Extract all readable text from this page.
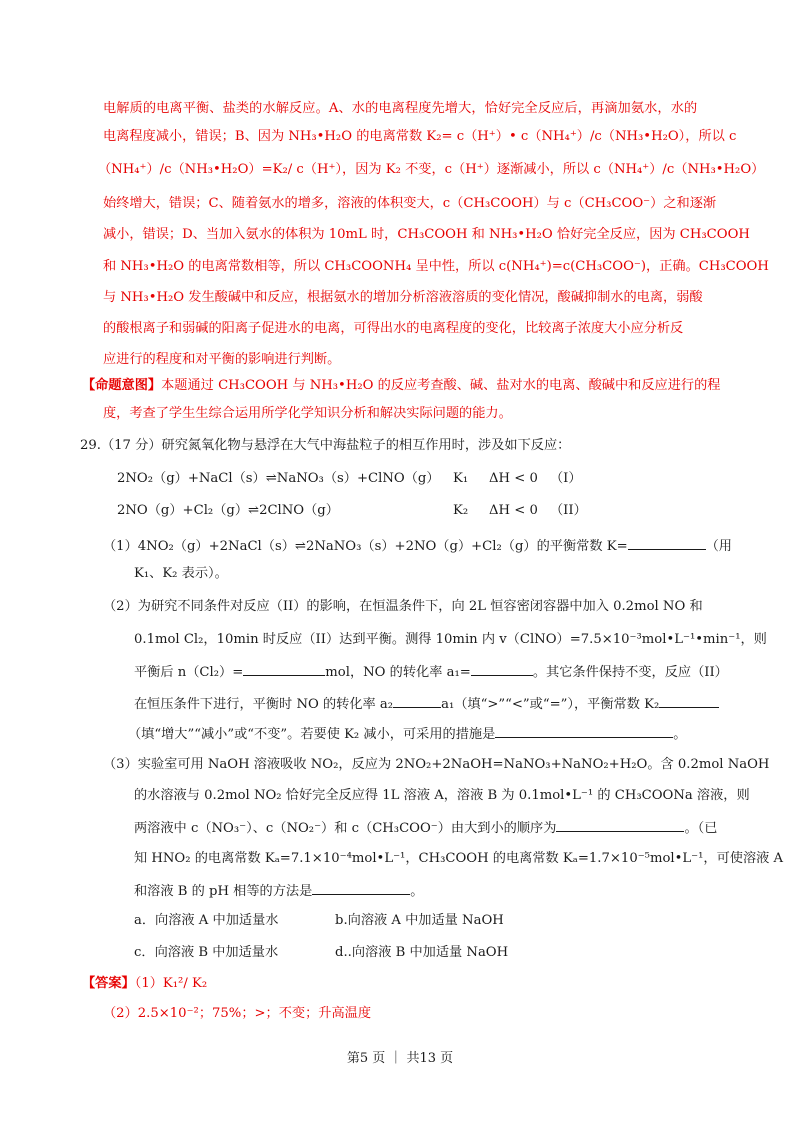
电解质的电离平衡、盐类的水解反应。A、水的电离程度先增大，恰好完全反应后，再滴加氨水，水的
电离程度减小，错误；B、因为 NH₃•H₂O 的电离常数 K₂= c（H⁺）• c（NH₄⁺）/c（NH₃•H₂O），所以 c
（NH₄⁺）/c（NH₃•H₂O）=K₂/ c（H⁺），因为 K₂ 不变，c（H⁺）逐渐减小，所以 c（NH₄⁺）/c（NH₃•H₂O）
始终增大，错误；C、随着氨水的增多，溶液的体积变大，c（CH₃COOH）与 c（CH₃COO⁻）之和逐渐
减小，错误；D、当加入氨水的体积为 10mL 时，CH₃COOH 和 NH₃•H₂O 恰好完全反应，因为 CH₃COOH
和 NH₃•H₂O 的电离常数相等，所以 CH₃COONH₄ 呈中性，所以 c(NH₄⁺)=c(CH₃COO⁻)，正确。CH₃COOH
与 NH₃•H₂O 发生酸碱中和反应，根据氨水的增加分析溶液溶质的变化情况，酸碱抑制水的电离，弱酸
的酸根离子和弱碱的阳离子促进水的电离，可得出水的电离程度的变化，比较离子浓度大小应分析反
应进行的程度和对平衡的影响进行判断。
【命题意图】本题通过 CH₃COOH 与 NH₃•H₂O 的反应考查酸、碱、盐对水的电离、酸碱中和反应进行的程
度，考查了学生生综合运用所学化学知识分析和解决实际问题的能力。
29.（17 分）研究氮氧化物与悬浮在大气中海盐粒子的相互作用时，涉及如下反应：
2NO₂（g）+NaCl（s）⇌NaNO₃（s）+ClNO（g） K₁ ΔH < 0 （I）
2NO（g）+Cl₂（g）⇌2ClNO（g）	K₂ ΔH < 0 （II）
（1）4NO₂（g）+2NaCl（s）⇌2NaNO₃（s）+2NO（g）+Cl₂（g）的平衡常数 K=	（用
K₁、K₂ 表示）。
（2）为研究不同条件对反应（II）的影响，在恒温条件下，向 2L 恒容密闭容器中加入 0.2mol NO 和
0.1mol Cl₂，10min 时反应（II）达到平衡。测得 10min 内 v（ClNO）=7.5×10⁻³mol•L⁻¹•min⁻¹，则
平衡后 n（Cl₂）=	mol，NO 的转化率 a₁=	。其它条件保持不变，反应（II）
在恒压条件下进行，平衡时 NO 的转化率 a₂	a₁（填“>”“<”或“=”），平衡常数 K₂
（填“增大”“减小”或“不变”。若要使 K₂ 减小，可采用的措施是	。
（3）实验室可用 NaOH 溶液吸收 NO₂，反应为 2NO₂+2NaOH=NaNO₃+NaNO₂+H₂O。含 0.2mol NaOH
的水溶液与 0.2mol NO₂ 恰好完全反应得 1L 溶液 A，溶液 B 为 0.1mol•L⁻¹ 的 CH₃COONa 溶液，则
两溶液中 c（NO₃⁻）、c（NO₂⁻）和 c（CH₃COO⁻）由大到小的顺序为	。（已
知 HNO₂ 的电离常数 Kₐ=7.1×10⁻⁴mol•L⁻¹，CH₃COOH 的电离常数 Kₐ=1.7×10⁻⁵mol•L⁻¹，可使溶液 A
和溶液 B 的 pH 相等的方法是	。
a．向溶液 A 中加适量水	b.向溶液 A 中加适量 NaOH
c．向溶液 B 中加适量水	d..向溶液 B 中加适量 NaOH
【答案】（1）K₁²/ K₂
（2）2.5×10⁻²；75%；>；不变；升高温度
第5 页 ｜ 共13 页
